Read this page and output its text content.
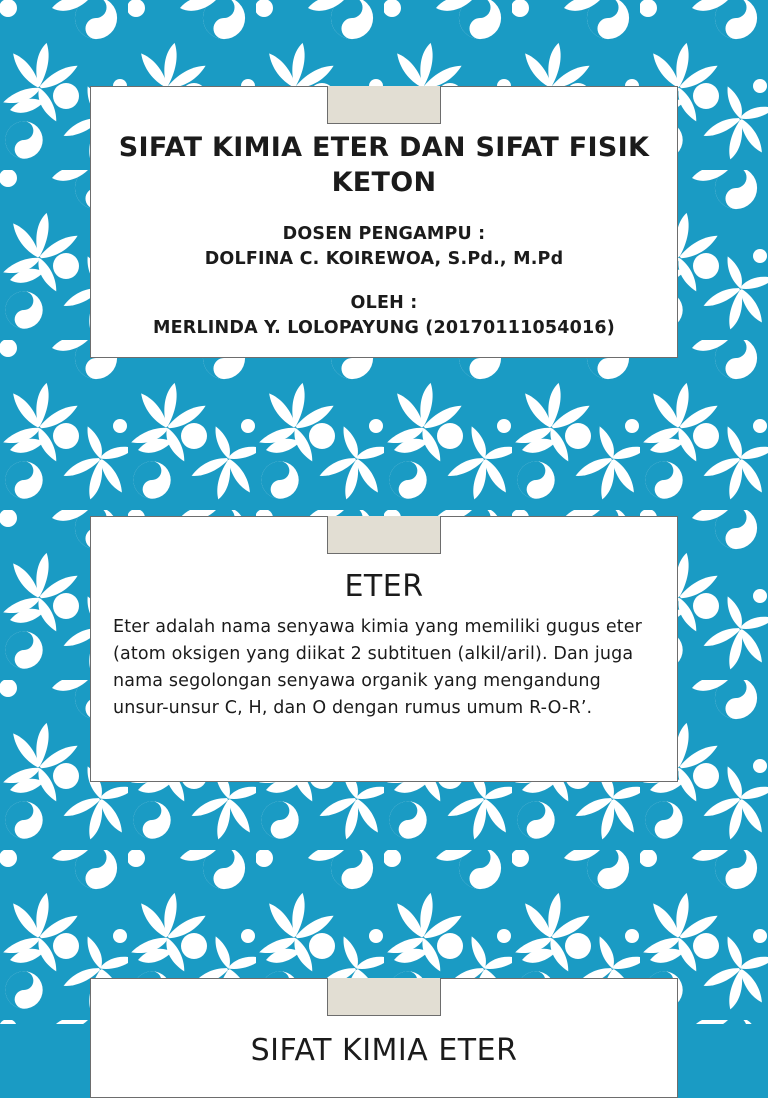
SIFAT KIMIA ETER DAN SIFAT FISIK KETON
DOSEN PENGAMPU :
DOLFINA C. KOIREWOA, S.Pd., M.Pd
OLEH :
MERLINDA Y. LOLOPAYUNG (20170111054016)
ETER
Eter adalah nama senyawa kimia yang memiliki gugus eter (atom oksigen yang diikat 2 subtituen (alkil/aril). Dan juga nama segolongan senyawa organik yang mengandung unsur-unsur C, H, dan O dengan rumus umum R-O-R’.
SIFAT KIMIA ETER
